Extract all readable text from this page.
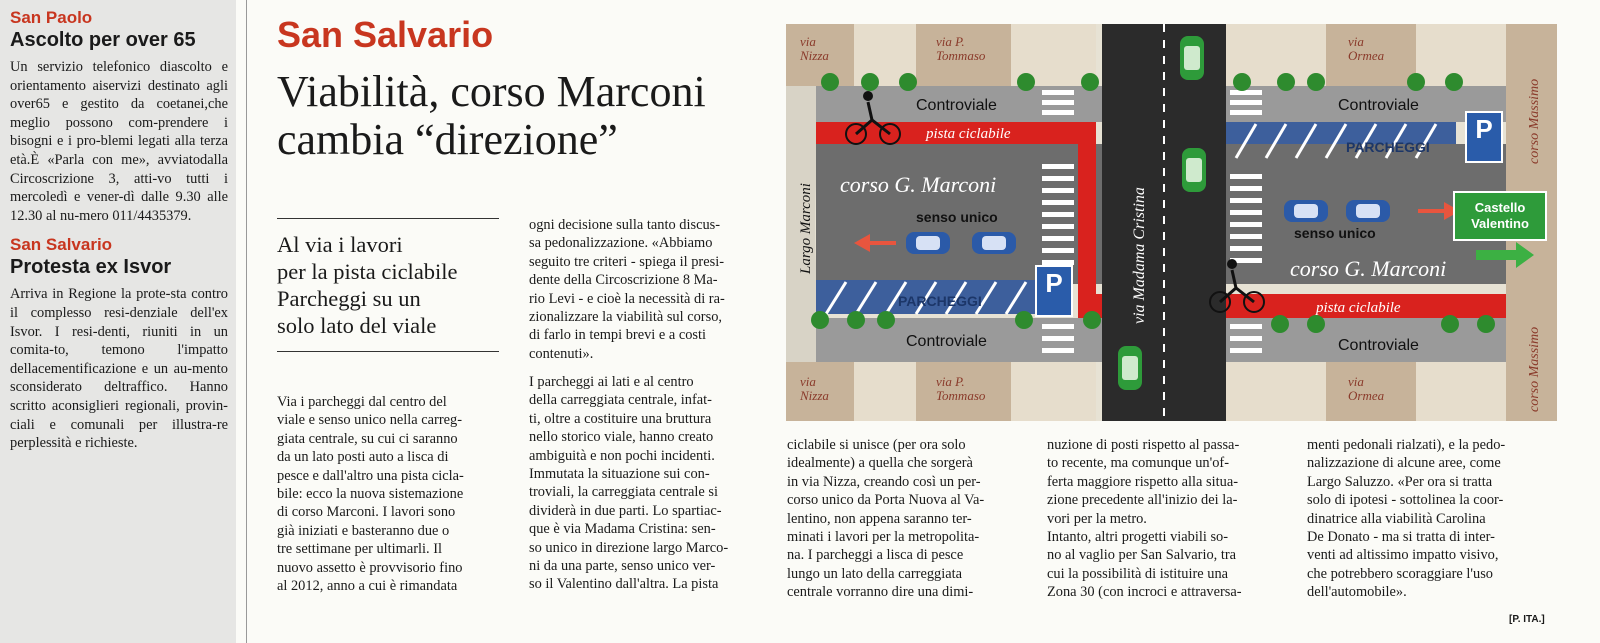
San Paolo
Ascolto per over 65
Un servizio telefonico diascolto e orientamento aiservizi destinato agli over65 e gestito da coetanei,che meglio possono com-prendere i bisogni e i pro-blemi legati alla terza età.È «Parla con me», avviatodalla Circoscrizione 3, atti-vo tutti i mercoledì e vener-dì dalle 9.30 alle 12.30 al nu-mero 011/4435379.
San Salvario
Protesta ex Isvor
Arriva in Regione la prote-sta contro il complesso resi-denziale dell'ex Isvor. I resi-denti, riuniti in un comita-to, temono l'impatto dellacementificazione e un au-mento sconsiderato deltraffico. Hanno scritto aconsiglieri regionali, provin-ciali e comunali per illustra-re perplessità e richieste.
San Salvario
Viabilità, corso Marconi
cambia “direzione”
Al via i lavori
per la pista ciclabile
Parcheggi su un
solo lato del viale
Via i parcheggi dal centro del
viale e senso unico nella carreg-
giata centrale, su cui ci saranno
da un lato posti auto a lisca di
pesce e dall'altro una pista cicla-
bile: ecco la nuova sistemazione
di corso Marconi. I lavori sono
già iniziati e basteranno due o
tre settimane per ultimarli. Il
nuovo assetto è provvisorio fino
al 2012, anno a cui è rimandata
ogni decisione sulla tanto discus-
sa pedonalizzazione. «Abbiamo
seguito tre criteri - spiega il presi-
dente della Circoscrizione 8 Ma-
rio Levi - e cioè la necessità di ra-
zionalizzare la viabilità sul corso,
di farlo in tempi brevi e a costi
contenuti».
I parcheggi ai lati e al centro
della carreggiata centrale, infat-
ti, oltre a costituire una bruttura
nello storico viale, hanno creato
ambiguità e non pochi incidenti.
Immutata la situazione sui con-
troviali, la carreggiata centrale si
dividerà in due parti. Lo spartiac-
que è via Madama Cristina: sen-
so unico in direzione largo Marco-
ni da una parte, senso unico ver-
so il Valentino dall'altra. La pista
ciclabile si unisce (per ora solo
idealmente) a quella che sorgerà
in via Nizza, creando così un per-
corso unico da Porta Nuova al Va-
lentino, non appena saranno ter-
minati i lavori per la metropolita-
na. I parcheggi a lisca di pesce
lungo un lato della carreggiata
centrale vorranno dire una dimi-
nuzione di posti rispetto al passa-
to recente, ma comunque un'of-
ferta maggiore rispetto alla situa-
zione precedente all'inizio dei la-
vori per la metro.
Intanto, altri progetti viabili so-
no al vaglio per San Salvario, tra
cui la possibilità di istituire una
Zona 30 (con incroci e attraversa-
menti pedonali rialzati), e la pedo-
nalizzazione di alcune aree, come
Largo Saluzzo. «Per ora si tratta
solo di ipotesi - sottolinea la coor-
dinatrice alla viabilità Carolina
De Donato - ma si tratta di inter-
venti ad altissimo impatto visivo,
che potrebbero scoraggiare l'uso
dell'automobile».
[P. ITA.]
P
P
Castello Valentino
via Nizza
via P. Tommaso
via Ormea
via Nizza
via P. Tommaso
via Ormea
corso Massimo
corso Massimo
Largo Marconi	via Madama Cristina
Controviale	Controviale
Controviale	Controviale
pista ciclabile
pista ciclabile
corso G. Marconi
corso G. Marconi
senso unico
senso unico
PARCHEGGI
PARCHEGGI
